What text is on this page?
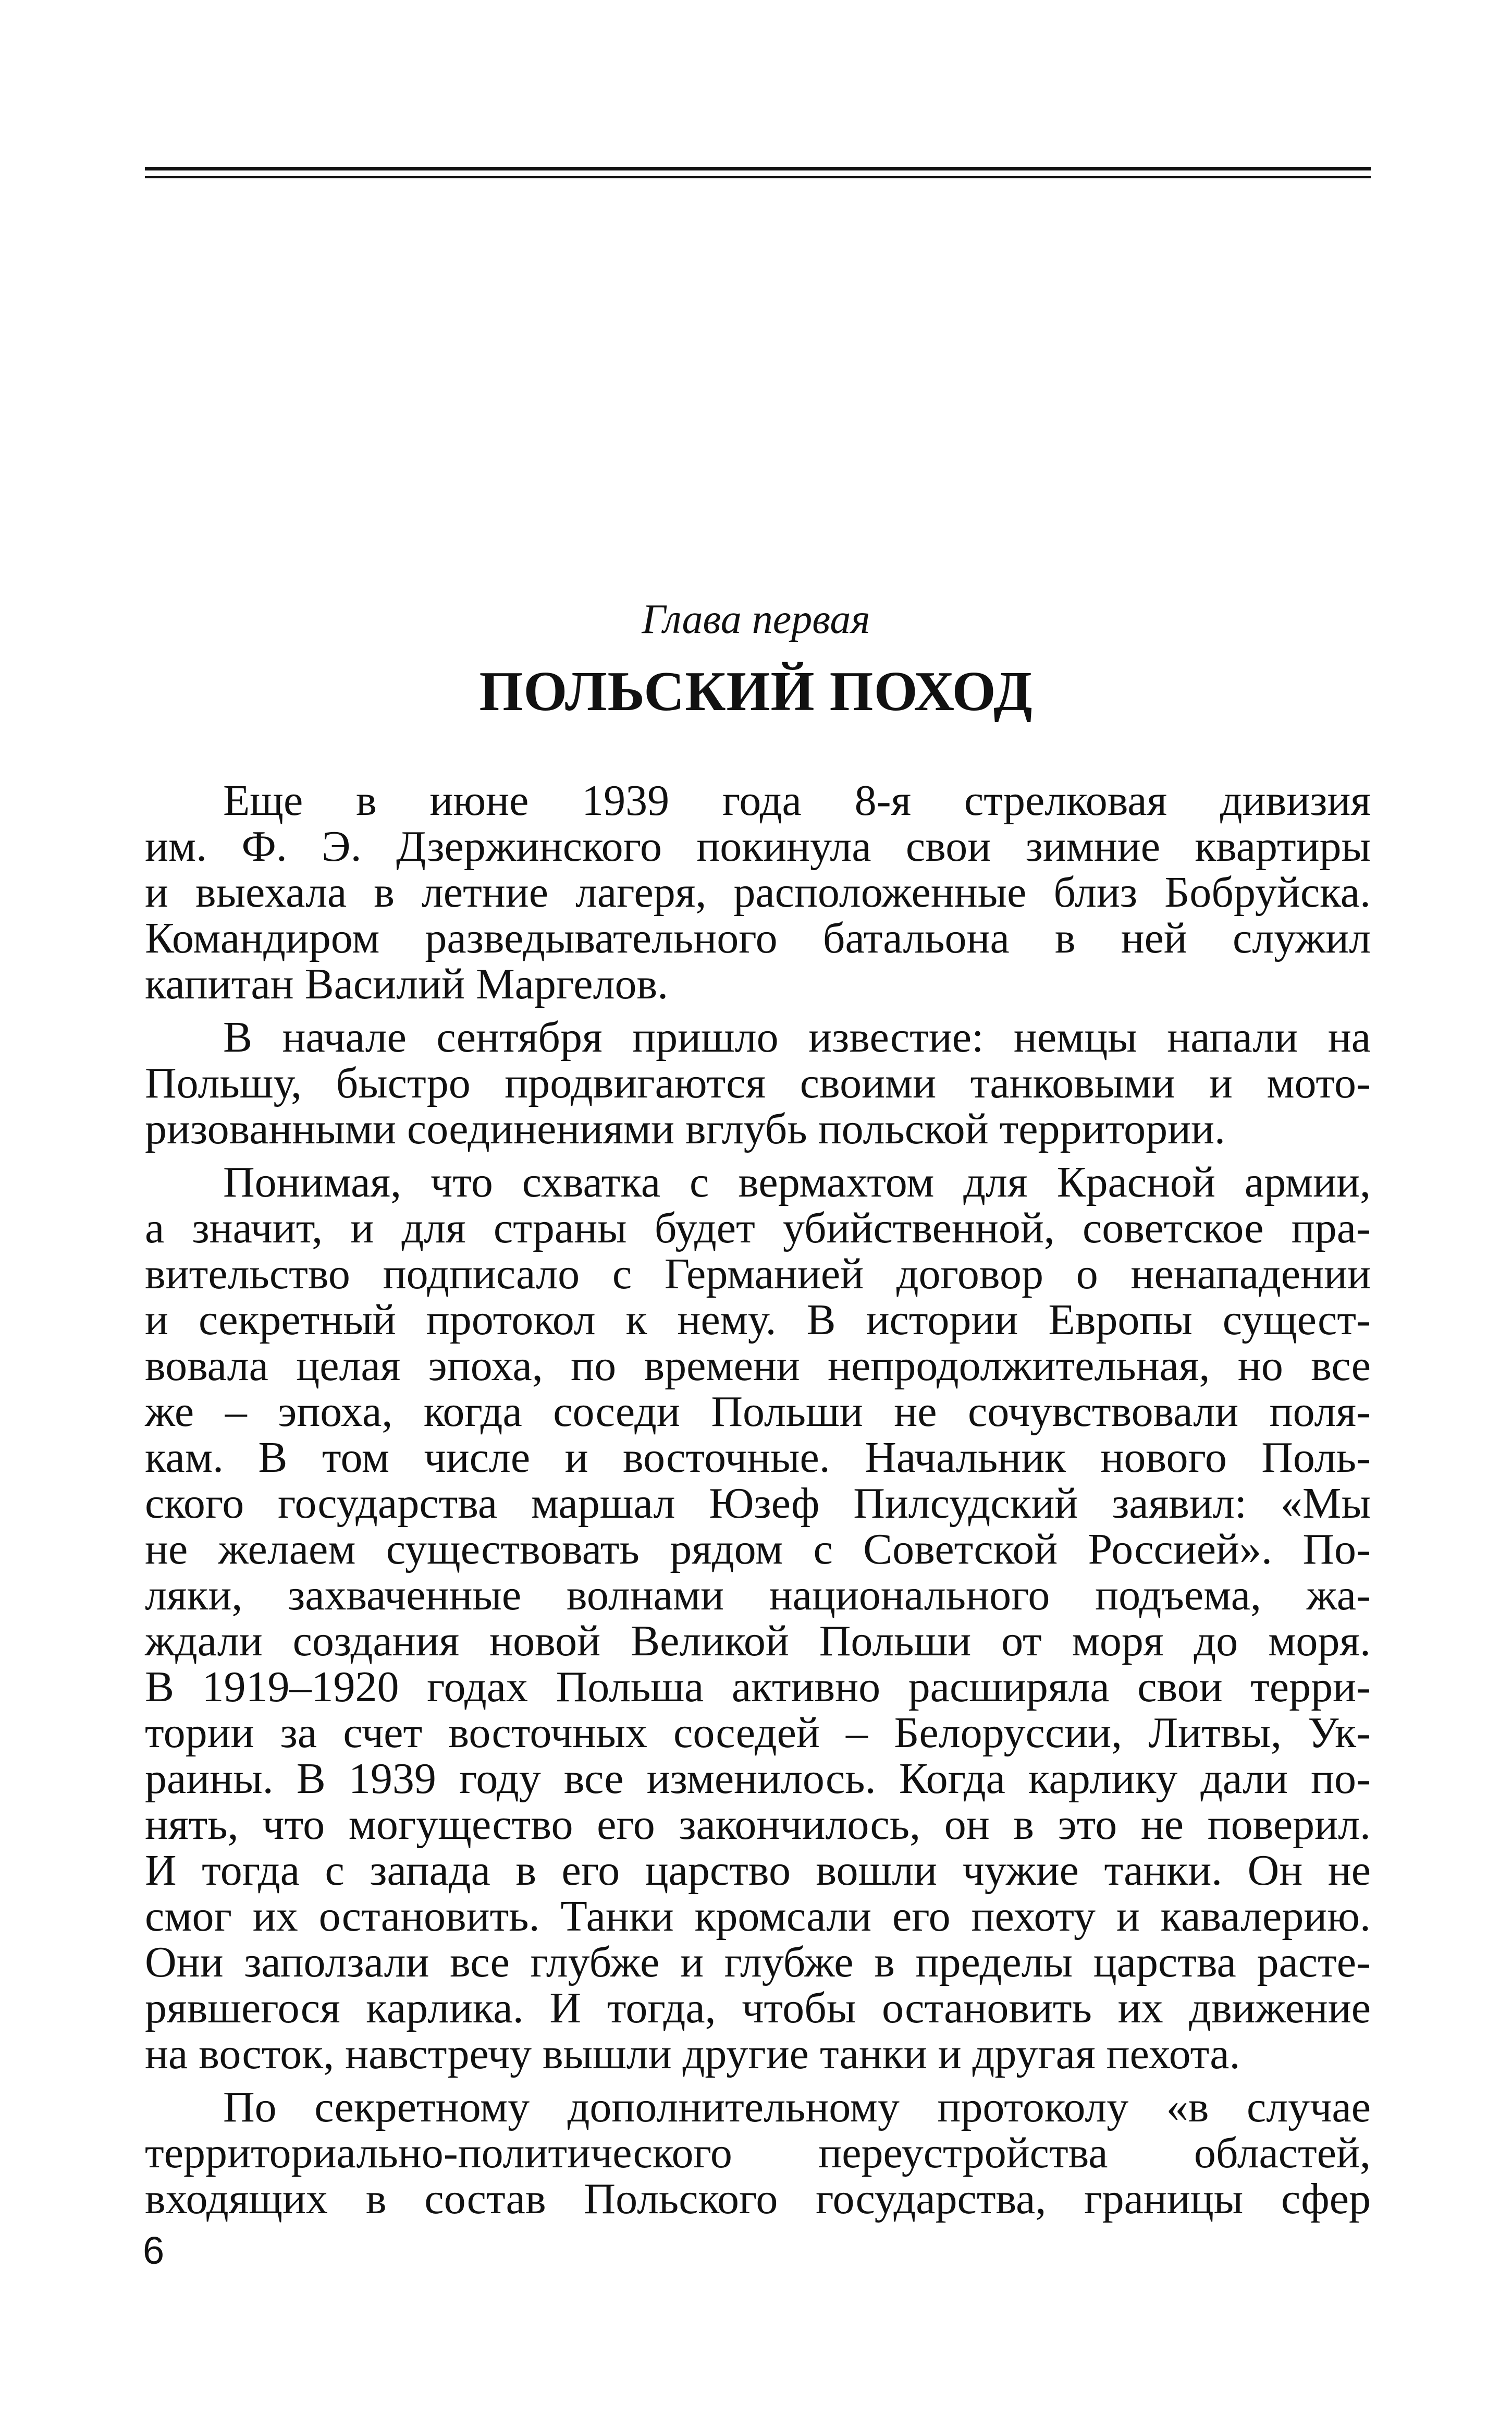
Глава первая
ПОЛЬСКИЙ ПОХОД
Еще в июне 1939 года 8-я стрелковая дивизия
им. Ф. Э. Дзержинского покинула свои зимние квартиры
и выехала в летние лагеря, расположенные близ Бобруйска.
Командиром разведывательного батальона в ней служил
капитан Василий Маргелов.
В начале сентября пришло известие: немцы напали на
Польшу, быстро продвигаются своими танковыми и мото-
ризованными соединениями вглубь польской территории.
Понимая, что схватка с вермахтом для Красной армии,
а значит, и для страны будет убийственной, советское пра-
вительство подписало с Германией договор о ненападении
и секретный протокол к нему. В истории Европы сущест-
вовала целая эпоха, по времени непродолжительная, но все
же – эпоха, когда соседи Польши не сочувствовали поля-
кам. В том числе и восточные. Начальник нового Поль-
ского государства маршал Юзеф Пилсудский заявил: «Мы
не желаем существовать рядом с Советской Россией». По-
ляки, захваченные волнами национального подъема, жа-
ждали создания новой Великой Польши от моря до моря.
В 1919–1920 годах Польша активно расширяла свои терри-
тории за счет восточных соседей – Белоруссии, Литвы, Ук-
раины. В 1939 году все изменилось. Когда карлику дали по-
нять, что могущество его закончилось, он в это не поверил.
И тогда с запада в его царство вошли чужие танки. Он не
смог их остановить. Танки кромсали его пехоту и кавалерию.
Они заползали все глубже и глубже в пределы царства расте-
рявшегося карлика. И тогда, чтобы остановить их движение
на восток, навстречу вышли другие танки и другая пехота.
По секретному дополнительному протоколу «в случае
территориально-политического переустройства областей,
входящих в состав Польского государства, границы сфер
6
